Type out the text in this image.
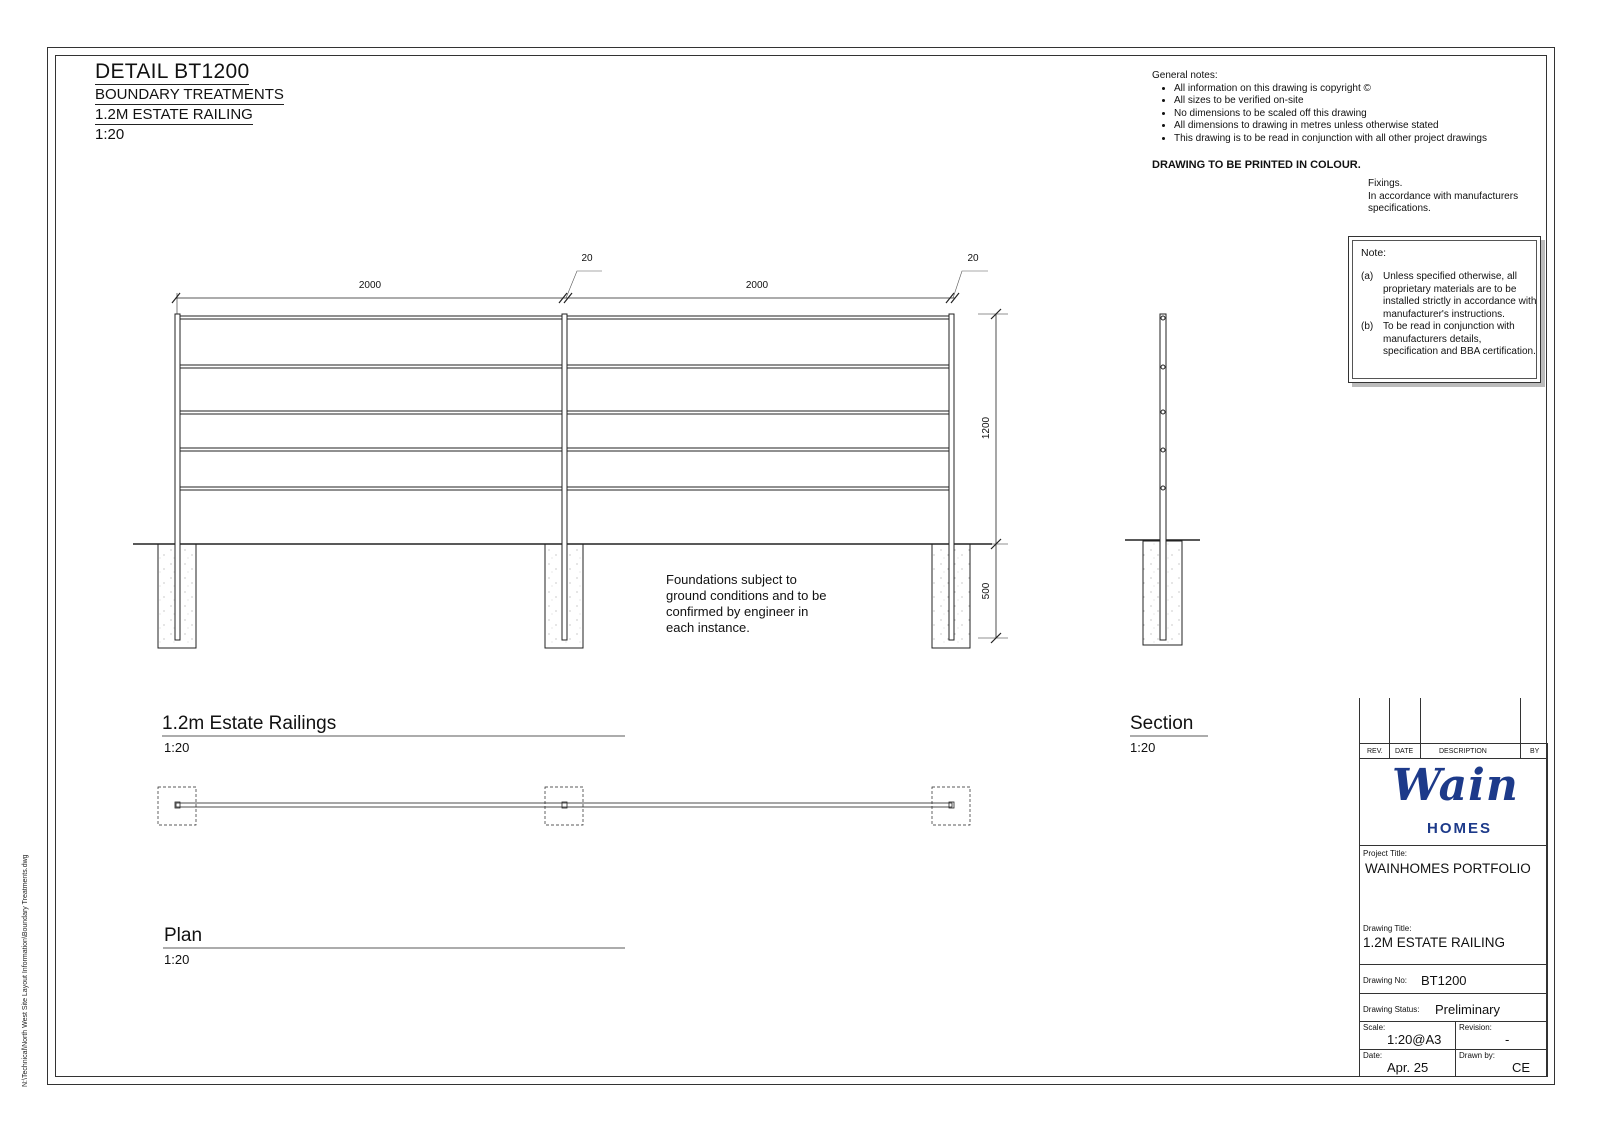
DETAIL BT1200
BOUNDARY TREATMENTS
1.2M ESTATE RAILING
1:20
General notes:
• All information on this drawing is copyright ©
• All sizes to be verified on-site
• No dimensions to be scaled off this drawing
• All dimensions to drawing in metres unless otherwise stated
• This drawing is to be read in conjunction with all other project drawings
DRAWING TO BE PRINTED IN COLOUR.
Fixings.
In accordance with manufacturers specifications.
Note:
(a) Unless specified otherwise, all proprietary materials are to be installed strictly in accordance with manufacturer's instructions.
(b) To be read in conjunction with manufacturers details, specification and BBA certification.
2000	2000
20	20
1200
500
Foundations subject to ground conditions and to be confirmed by engineer in each instance.
1.2m Estate Railings
1:20
Section
1:20
Plan
1:20
N:\Technical\North West Site Layout Information\Boundary Treatments.dwg
REV. DATE	DESCRIPTION	BY
Wain
HOMES
Project Title:
WAINHOMES PORTFOLIO
Drawing Title:
1.2M ESTATE RAILING
Drawing No: BT1200
Drawing Status: Preliminary
Scale:
1:20@A3
Revision:
-
Date:
Apr. 25
Drawn by:
CE
